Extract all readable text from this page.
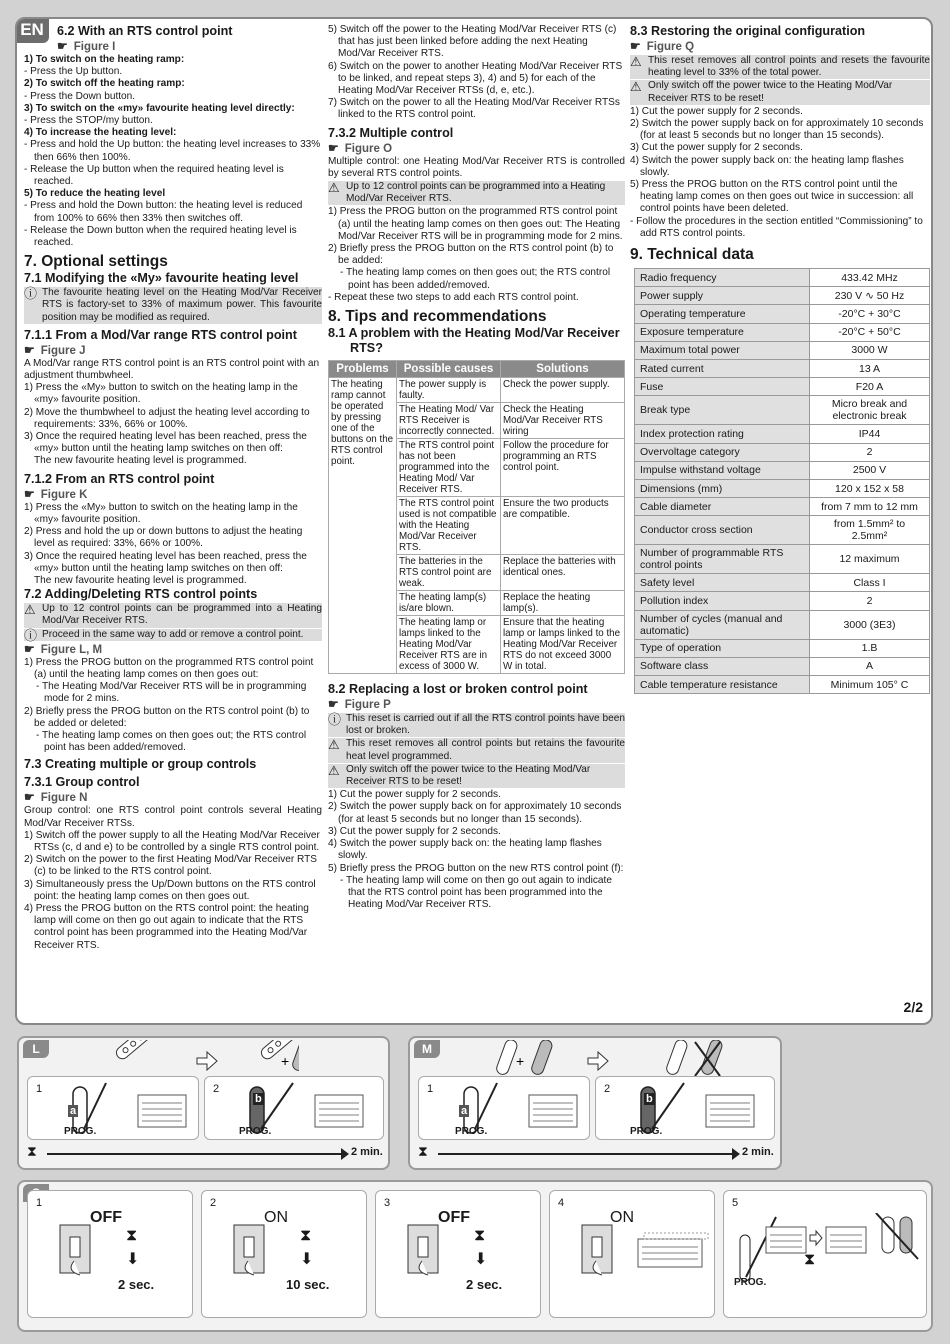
EN	6.2 With an RTS control point
☛ Figure I
1) To switch on the heating ramp:
- Press the Up button.
2) To switch off the heating ramp:
- Press the Down button.
3) To switch on the «my» favourite heating level directly:
- Press the STOP/my button.
4) To increase the heating level:
- Press and hold the Up button: the heating level increases to 33% then 66% then 100%.
- Release the Up button when the required heating level is reached.
5) To reduce the heating level
- Press and hold the Down button: the heating level is reduced from 100% to 66% then 33% then switches off.
- Release the Down button when the required heating level is reached.
7. Optional settings
7.1 Modifying the «My» favourite heating level
ⓘ The favourite heating level on the Heating Mod/Var Receiver RTS is factory-set to 33% of maximum power. This favourite position may be modified as required.
7.1.1 From a Mod/Var range RTS control point
☛ Figure J
A Mod/Var range RTS control point is an RTS control point with an adjustment thumbwheel.
1) Press the «My» button to switch on the heating lamp in the «my» favourite position.
2) Move the thumbwheel to adjust the heating level according to requirements: 33%, 66% or 100%.
3) Once the required heating level has been reached, press the «my» button until the heating lamp switches on then off:
The new favourite heating level is programmed.
7.1.2 From an RTS control point
☛ Figure K
1) Press the «My» button to switch on the heating lamp in the «my» favourite position.
2) Press and hold the up or down buttons to adjust the heating level as required: 33%, 66% or 100%.
3) Once the required heating level has been reached, press the «my» button until the heating lamp switches on then off:
The new favourite heating level is programmed.
7.2 Adding/Deleting RTS control points
⚠ Up to 12 control points can be programmed into a Heating Mod/Var Receiver RTS.
ⓘ Proceed in the same way to add or remove a control point.
☛ Figure L, M
1) Press the PROG button on the programmed RTS control point (a) until the heating lamp comes on then goes out:
- The Heating Mod/Var Receiver RTS will be in programming mode for 2 mins.
2) Briefly press the PROG button on the RTS control point (b) to be added or deleted:
- The heating lamp comes on then goes out; the RTS control point has been added/removed.
7.3 Creating multiple or group controls
7.3.1 Group control
☛ Figure N
Group control: one RTS control point controls several Heating Mod/Var Receiver RTSs.
1) Switch off the power supply to all the Heating Mod/Var Receiver RTSs (c, d and e) to be controlled by a single RTS control point.
2) Switch on the power to the first Heating Mod/Var Receiver RTS (c) to be linked to the RTS control point.
3) Simultaneously press the Up/Down buttons on the RTS control point: the heating lamp comes on then goes out.
4) Press the PROG button on the RTS control point: the heating lamp will come on then go out again to indicate that the RTS control point has been programmed into the Heating Mod/Var Receiver RTS.
5) Switch off the power to the Heating Mod/Var Receiver RTS (c) that has just been linked before adding the next Heating Mod/Var Receiver RTS.
6) Switch on the power to another Heating Mod/Var Receiver RTS to be linked, and repeat steps 3), 4) and 5) for each of the Heating Mod/Var Receiver RTSs (d, e, etc.).
7) Switch on the power to all the Heating Mod/Var Receiver RTSs linked to the RTS control point.
7.3.2 Multiple control
☛ Figure O
Multiple control: one Heating Mod/Var Receiver RTS is controlled by several RTS control points.
⚠ Up to 12 control points can be programmed into a Heating Mod/Var Receiver RTS.
1) Press the PROG button on the programmed RTS control point (a) until the heating lamp comes on then goes out: The Heating Mod/Var Receiver RTS will be in programming mode for 2 mins.
2) Briefly press the PROG button on the RTS control point (b) to be added:
- The heating lamp comes on then goes out; the RTS control point has been added/removed.
- Repeat these two steps to add each RTS control point.
8. Tips and recommendations
8.1 A problem with the Heating Mod/Var Receiver RTS?
Problems	Possible causes	Solutions
The heating ramp cannot be operated by pressing one of the buttons on the RTS control point.	The power supply is faulty.	Check the power supply.
	The Heating Mod/ Var RTS Receiver is incorrectly connected.	Check the Heating Mod/Var Receiver RTS wiring
	The RTS control point has not been programmed into the Heating Mod/ Var Receiver RTS.	Follow the procedure for programming an RTS control point.
	The RTS control point used is not compatible with the Heating Mod/Var Receiver RTS.	Ensure the two products are compatible.
	The batteries in the RTS control point are weak.	Replace the batteries with identical ones.
	The heating lamp(s) is/are blown.	Replace the heating lamp(s).
	The heating lamp or lamps linked to the Heating Mod/Var Receiver RTS are in excess of 3000 W.	Ensure that the heating lamp or lamps linked to the Heating Mod/Var Receiver RTS do not exceed 3000 W in total.
8.2 Replacing a lost or broken control point
☛ Figure P
ⓘ This reset is carried out if all the RTS control points have been lost or broken.
⚠ This reset removes all control points but retains the favourite heat level programmed.
⚠ Only switch off the power twice to the Heating Mod/Var Receiver RTS to be reset!
1) Cut the power supply for 2 seconds.
2) Switch the power supply back on for approximately 10 seconds (for at least 5 seconds but no longer than 15 seconds).
3) Cut the power supply for 2 seconds.
4) Switch the power supply back on: the heating lamp flashes slowly.
5) Briefly press the PROG button on the new RTS control point (f):
- The heating lamp will come on then go out again to indicate that the RTS control point has been programmed into the Heating Mod/Var Receiver RTS.
8.3 Restoring the original configuration
☛ Figure Q
⚠ This reset removes all control points and resets the favourite heating level to 33% of the total power.
⚠ Only switch off the power twice to the Heating Mod/Var Receiver RTS to be reset!
1) Cut the power supply for 2 seconds.
2) Switch the power supply back on for approximately 10 seconds (for at least 5 seconds but no longer than 15 seconds).
3) Cut the power supply for 2 seconds.
4) Switch the power supply back on: the heating lamp flashes slowly.
5) Press the PROG button on the RTS control point until the heating lamp comes on then goes out twice in succession: all control points have been deleted.
- Follow the procedures in the section entitled “Commissioning” to add RTS control points.
9. Technical data
Radio frequency	433.42 MHz
Power supply	230 V ∿ 50 Hz
Operating temperature	-20°C + 30°C
Exposure temperature	-20°C + 50°C
Maximum total power	3000 W
Rated current	13 A
Fuse	F20 A
Break type	Micro break and electronic break
Index protection rating	IP44
Overvoltage category	2
Impulse withstand voltage	2500 V
Dimensions (mm)	120 x 152 x 58
Cable diameter	from 7 mm to 12 mm
Conductor cross section	from 1.5mm² to 2.5mm²
Number of programmable RTS control points	12 maximum
Safety level	Class I
Pollution index	2
Number of cycles (manual and automatic)	3000 (3E3)
Type of operation	1.B
Software class	A
Cable temperature resistance	Minimum 105° C
2/2
L
+
1
a
PROG.
2
b
PROG.
⧗	2 min.
M
+
1
a
PROG.
2
b
PROG.
⧗	2 min.
1
OFF
⧗
⬇
2 sec.
2
ON
⧗
⬇
10 sec.
3
OFF
⧗
⬇
2 sec.
4
ON
5
⧗
PROG.
